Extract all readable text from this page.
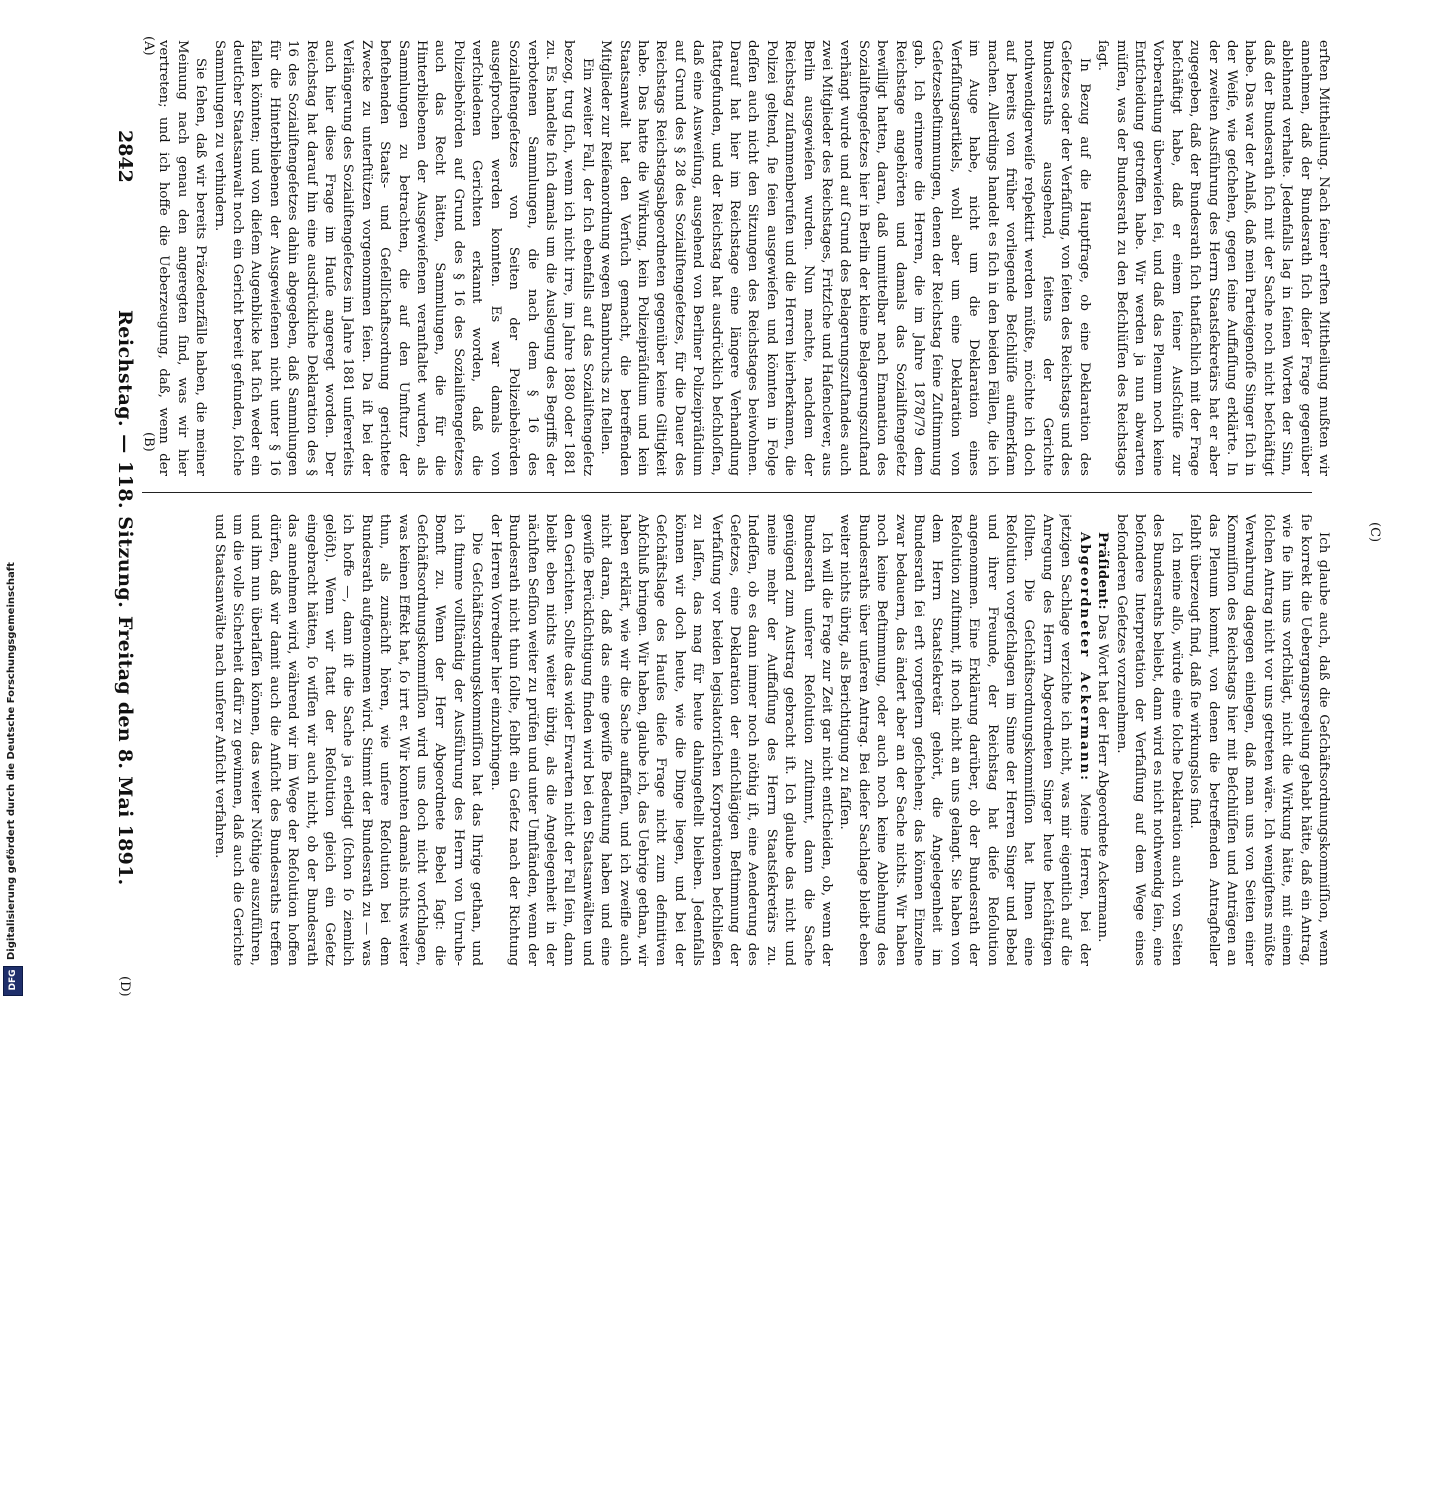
2842
Reichstag. — 118. Sitzung.
Freitag den 8. Mai 1891.
(A)
(B)
(C)
(D)

erſten Mittheilung. Nach ſeiner erſten Mittheilung mußten wir annehmen, daß der Bundesrath ſich dieſer Frage gegenüber ablehnend verhalte. Jedenfalls lag in ſeinen Worten der Sinn, daß der Bundesrath ſich mit der Sache noch nicht beſchäftigt habe. Das war der Anlaß, daß mein Parteigenoſſe Singer ſich in der Weiſe, wie geſchehen, gegen ſeine Auffaſſung erklärte. In der zweiten Ausführung des Herrn Staatsſekretärs hat er aber zugegeben, daß der Bundesrath ſich thatſächlich mit der Frage beſchäftigt habe, daß er einem ſeiner Ausſchüſſe zur Vorberathung überwieſen ſei, und daß das Plenum noch keine Entſcheidung getroffen habe. Wir werden ja nun abwarten müſſen, was der Bundesrath zu den Beſchlüſſen des Reichstags ſagt.

In Bezug auf die Hauptfrage, ob eine Deklaration des Geſetzes oder der Verfaſſung, von ſeiten des Reichstags und des Bundesraths ausgehend, ſeitens der Gerichte nothwendigerweiſe reſpektirt werden müßte, möchte ich doch auf bereits von früher vorliegende Beſchlüſſe aufmerkſam machen. Allerdings handelt es ſich in den beiden Fällen, die ich im Auge habe, nicht um die Deklaration eines Verfaſſungsartikels, wohl aber um eine Deklaration von Geſetzesbeſtimmungen, denen der Reichstag ſeine Zuſtimmung gab. Ich erinnere die Herren, die im Jahre 1878/79 dem Reichstage angehörten und damals das Sozialiſtengeſetz bewilligt hatten, daran, daß unmittelbar nach Emanation des Sozialiſtengeſetzes hier in Berlin der kleine Belagerungszuſtand verhängt wurde und auf Grund des Belagerungszuſtandes auch zwei Mitglieder des Reichstages, Fritzſche und Haſenclever, aus Berlin ausgewieſen wurden. Nun machte, nachdem der Reichstag zuſammenberufen und die Herren hierherkamen, die Polizei geltend, ſie ſeien ausgewieſen und könnten in Folge deſſen auch nicht den Sitzungen des Reichstages beiwohnen. Darauf hat hier im Reichstage eine längere Verhandlung ſtattgefunden, und der Reichstag hat ausdrücklich beſchloſſen, daß eine Ausweiſung, ausgehend von Berliner Polizeipräſidium auf Grund des § 28 des Sozialiſtengeſetzes, für die Dauer des Reichstags Reichstagsabgeordneten gegenüber keine Giltigkeit habe. Das hatte die Wirkung, kein Polizeipräſidium und kein Staatsanwalt hat den Verſuch gemacht, die betreffenden Mitglieder zur Reiſeanordnung wegen Bannbruchs zu ſtellen.

Ein zweiter Fall, der ſich ebenfalls auf das Sozialiſtengeſetz bezog, trug ſich, wenn ich nicht irre, im Jahre 1880 oder 1881 zu. Es handelte ſich damals um die Auslegung des Begriffs der verbotenen Sammlungen, die nach dem § 16 des Sozialiſtengeſetzes von Seiten der Polizeibehörden ausgeſprochen werden konnten. Es war damals von verſchiedenen Gerichten erkannt worden, daß die Polizeibehörden auf Grund des § 16 des Sozialiſtengeſetzes auch das Recht hätten, Sammlungen, die für die Hinterbliebenen der Ausgewieſenen veranſtaltet wurden, als Sammlungen zu betrachten, die auf den Umſturz der beſtehenden Staats- und Geſellſchaftsordnung gerichtete Zwecke zu unterſtützen vorgenommen ſeien. Da iſt bei der Verlängerung des Sozialiſtengeſetzes im Jahre 1881 unſererſeits auch hier diese Frage im Hauſe angeregt worden. Der Reichstag hat darauf hin eine ausdrückliche Deklaration des § 16 des Sozialiſtengeſetzes dahin abgegeben, daß Sammlungen für die Hinterbliebenen der Ausgewieſenen nicht unter § 16 fallen könnten; und von dieſem Augenblicke hat ſich weder ein deutſcher Staatsanwalt noch ein Gericht bereit gefunden, ſolche Sammlungen zu verhindern.

Sie ſehen, daß wir bereits Präzedenzfälle haben, die meiner Meinung nach genau den angeregten ſind, was wir hier vertreten; und ich hoffe die Ueberzeugung, daß, wenn der

Ich glaube auch, daß die Geſchäftsordnungskommiſſion, wenn ſie korrekt die Uebergangsregelung gehabt hätte, daß ein Antrag, wie ſie ihn uns vorſchlägt, nicht die Wirkung hätte, mit einem ſolchen Antrag nicht vor uns getreten wäre. Ich wenigſtens müßte Verwahrung dagegen einlegen, daß man uns von Seiten einer Kommiſſion des Reichstags hier mit Beſchlüſſen und Anträgen an das Plenum kommt, von denen die betreffenden Antragſteller ſelbſt überzeugt ſind, daß ſie wirkungslos ſind.

Ich meine alſo, würde eine ſolche Deklaration auch von Seiten des Bundesraths beliebt, dann wird es nicht nothwendig ſein, eine beſondere Interpretation der Verfaſſung auf dem Wege eines beſonderen Geſetzes vorzunehmen.

Präſident: Das Wort hat der Herr Abgeordnete Ackermann.

Abgeordneter Ackermann: Meine Herren, bei der jetzigen Sachlage verzichte ich nicht, was mir eigentlich auf die Anregung des Herrn Abgeordneten Singer heute beſchäftigen ſollten. Die Geſchäftsordnungskommiſſion hat Ihnen eine Reſolution vorgeſchlagen im Sinne der Herren Singer und Bebel und ihrer Freunde, der Reichstag hat dieſe Reſolution angenommen. Eine Erklärung darüber, ob der Bundesrath der Reſolution zuſtimmt, iſt noch nicht an uns gelangt. Sie haben von dem Herrn Staatsſekretär gehört, die Angelegenheit im Bundesrath ſei erſt vorgeſtern geſchehen; das können Einzelne zwar bedauern, das ändert aber an der Sache nichts. Wir haben noch keine Beſtimmung, oder auch noch keine Ablehnung des Bundesraths über unſeren Antrag. Bei dieſer Sachlage bleibt eben weiter nichts übrig, als Berichtigung zu faſſen.

Ich will die Frage zur Zeit gar nicht entſcheiden, ob, wenn der Bundesrath unſerer Reſolution zuſtimmt, dann die Sache genügend zum Austrag gebracht iſt. Ich glaube das nicht und meine mehr der Auffaſſung des Herrn Staatsſekretärs zu. Indeſſen, ob es dann immer noch nöthig iſt, eine Aenderung des Geſetzes, eine Deklaration der einſchlägigen Beſtimmung der Verfaſſung vor beiden legislatoriſchen Korporationen beſchließen zu laſſen, das mag für heute dahingeſtellt bleiben. Jedenfalls können wir doch heute, wie die Dinge liegen, und bei der Geſchäftslage des Hauſes dieſe Frage nicht zum definitiven Abſchluß bringen. Wir haben, glaube ich, das Uebrige gethan, wir haben erklärt, wie wir die Sache auffaſſen, und ich zweifle auch nicht daran, daß das eine gewiſſe Bedeutung haben und eine gewiſſe Berückſichtigung finden wird bei den Staatsanwälten und den Gerichten. Sollte das wider Erwarten nicht der Fall ſein, dann bleibt eben nichts weiter übrig, als die Angelegenheit in der nächſten Seſſion weiter zu prüfen und unter Umſtänden, wenn der Bundesrath nicht thun ſollte, ſelbſt ein Geſetz nach der Richtung der Herren Vorredner hier einzubringen.

Die Geſchäftsordnungskommiſſion hat das Ihrige gethan, und ich ſtimme vollſtändig der Ausführung des Herrn von Unruhe-Bomſt zu. Wenn der Herr Abgeordnete Bebel ſagt: die Geſchäftsordnungskommiſſion wird uns doch nicht vorſchlagen, was keinen Effekt hat, ſo irrt er. Wir konnten damals nichts weiter thun, als zunächſt hören, wie unſere Reſolution bei dem Bundesrath aufgenommen wird. Stimmt der Bundesrath zu — was ich hoffe —, dann iſt die Sache ja erledigt (ſchon ſo ziemlich gelöſt). Wenn wir ſtatt der Reſolution gleich ein Geſetz eingebracht hätten, ſo wiſſen wir auch nicht, ob der Bundesrath das annehmen wird, während wir im Wege der Reſolution hoffen dürfen, daß wir damit auch die Anſicht des Bundesraths treffen und ihm nun überlaſſen können, das weiter Nöthige auszuführen, um die volle Sicherheit dafür zu gewinnen, daß auch die Gerichte und Staatsanwälte nach unſerer Anſicht verfahren.

Digitalisierung gefördert durch die Deutsche Forschungsgemeinschaft
DFG
